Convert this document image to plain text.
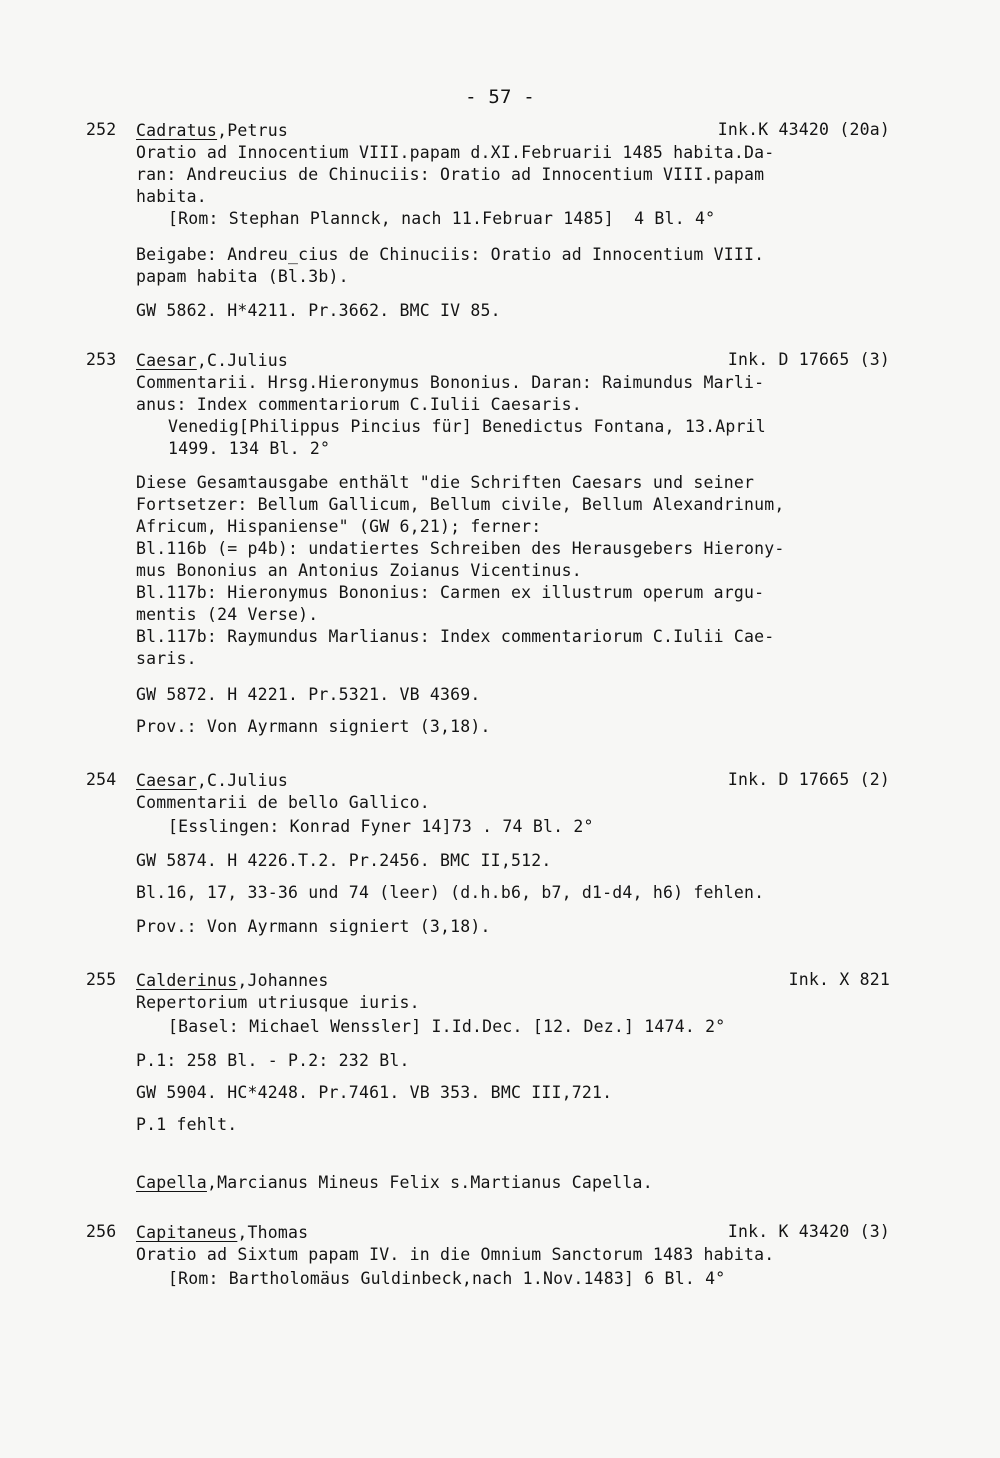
- 57 -
252 Cadratus,Petrus	Ink.K 43420 (20a)
Oratio ad Innocentium VIII.papam d.XI.Februarii 1485 habita.Da-
ran: Andreucius de Chinuciis: Oratio ad Innocentium VIII.papam
habita.
[Rom: Stephan Plannck, nach 11.Februar 1485]  4 Bl. 4°
Beigabe: Andreu_cius de Chinuciis: Oratio ad Innocentium VIII.
papam habita (Bl.3b).
GW 5862. H*4211. Pr.3662. BMC IV 85.
253 Caesar,C.Julius	Ink. D 17665 (3)
Commentarii. Hrsg.Hieronymus Bononius. Daran: Raimundus Marli-
anus: Index commentariorum C.Iulii Caesaris.
Venedig[Philippus Pincius für] Benedictus Fontana, 13.April
1499. 134 Bl. 2°
Diese Gesamtausgabe enthält "die Schriften Caesars und seiner
Fortsetzer: Bellum Gallicum, Bellum civile, Bellum Alexandrinum,
Africum, Hispaniense" (GW 6,21); ferner:
Bl.116b (= p4b): undatiertes Schreiben des Herausgebers Hierony-
mus Bononius an Antonius Zoianus Vicentinus.
Bl.117b: Hieronymus Bononius: Carmen ex illustrum operum argu-
mentis (24 Verse).
Bl.117b: Raymundus Marlianus: Index commentariorum C.Iulii Cae-
saris.
GW 5872. H 4221. Pr.5321. VB 4369.
Prov.: Von Ayrmann signiert (3,18).
254 Caesar,C.Julius	Ink. D 17665 (2)
Commentarii de bello Gallico.
[Esslingen: Konrad Fyner 14]73 . 74 Bl. 2°
GW 5874. H 4226.T.2. Pr.2456. BMC II,512.
Bl.16, 17, 33-36 und 74 (leer) (d.h.b6, b7, d1-d4, h6) fehlen.
Prov.: Von Ayrmann signiert (3,18).
255 Calderinus,Johannes	Ink. X 821
Repertorium utriusque iuris.
[Basel: Michael Wenssler] I.Id.Dec. [12. Dez.] 1474. 2°
P.1: 258 Bl. - P.2: 232 Bl.
GW 5904. HC*4248. Pr.7461. VB 353. BMC III,721.
P.1 fehlt.
Capella,Marcianus Mineus Felix s.Martianus Capella.
256 Capitaneus,Thomas	Ink. K 43420 (3)
Oratio ad Sixtum papam IV. in die Omnium Sanctorum 1483 habita.
[Rom: Bartholomäus Guldinbeck,nach 1.Nov.1483] 6 Bl. 4°
